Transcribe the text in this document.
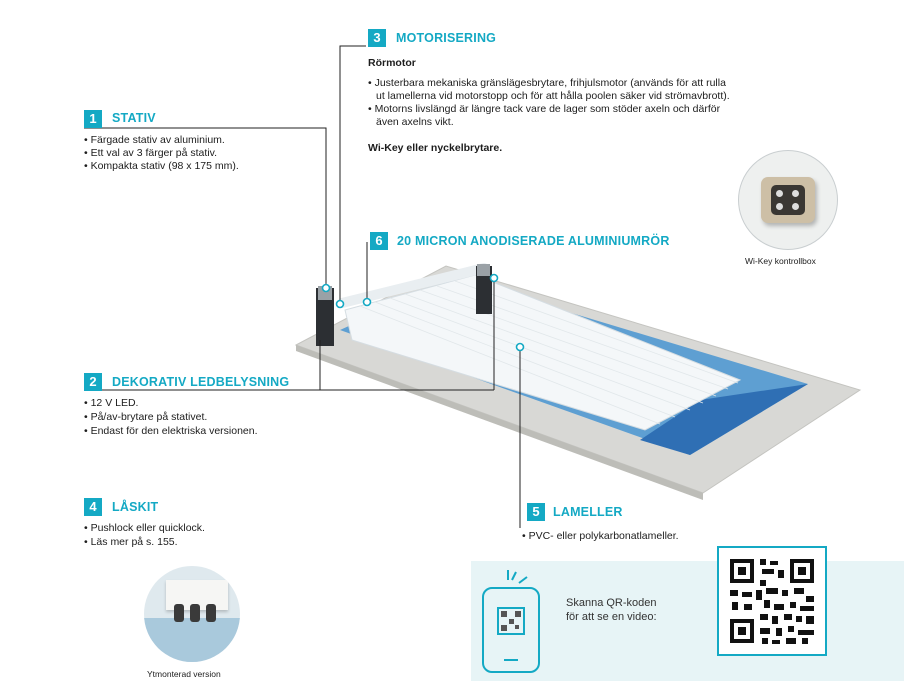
1	STATIV
• Färgade stativ av aluminium.
• Ett val av 3 färger på stativ.
• Kompakta stativ (98 x 175 mm).
3	MOTORISERING
Rörmotor
• Justerbara mekaniska gränslägesbrytare, frihjulsmotor (används för att rulla
ut lamellerna vid motorstopp och för att hålla poolen säker vid strömavbrott).
• Motorns livslängd är längre tack vare de lager som stöder axeln och därför
även axelns vikt.
Wi-Key eller nyckelbrytare.
Wi-Key kontrollbox
6	20 MICRON ANODISERADE ALUMINIUMRÖR
2	DEKORATIV LEDBELYSNING
• 12 V LED.
• På/av-brytare på stativet.
• Endast för den elektriska versionen.
4	LÅSKIT
• Pushlock eller quicklock.
• Läs mer på s. 155.
Ytmonterad version
5	LAMELLER
• PVC- eller polykarbonatlameller.
Skanna QR-koden
för att se en video:
